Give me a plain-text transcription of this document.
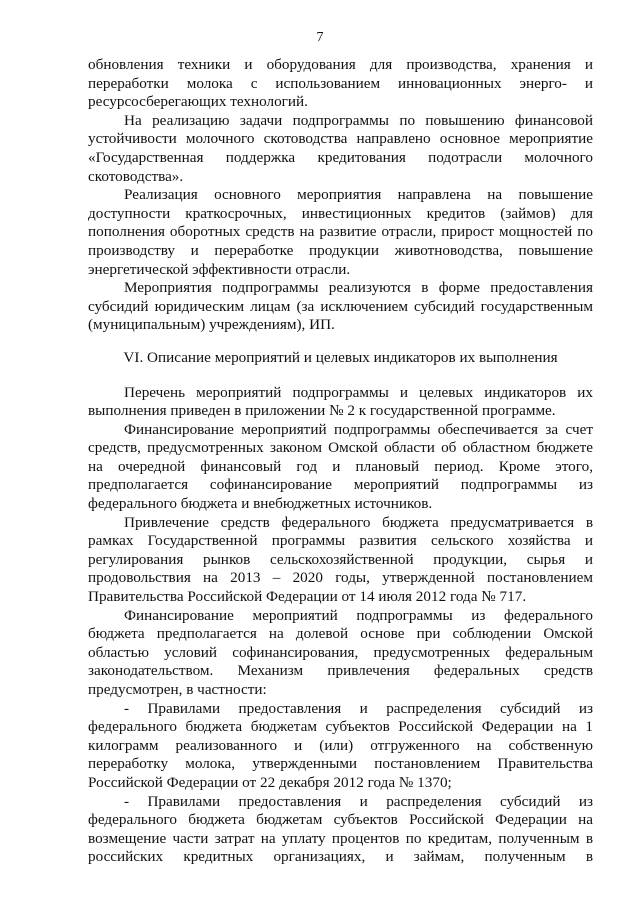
7

обновления техники и оборудования для производства, хранения и переработки молока с использованием инновационных энерго- и ресурсосберегающих технологий.

На реализацию задачи подпрограммы по повышению финансовой устойчивости молочного скотоводства направлено основное мероприятие «Государственная поддержка кредитования подотрасли молочного скотоводства».

Реализация основного мероприятия направлена на повышение доступности краткосрочных, инвестиционных кредитов (займов) для пополнения оборотных средств на развитие отрасли, прирост мощностей по производству и переработке продукции животноводства, повышение энергетической эффективности отрасли.

Мероприятия подпрограммы реализуются в форме предоставления субсидий юридическим лицам (за исключением субсидий государственным (муниципальным) учреждениям), ИП.

VI. Описание мероприятий и целевых индикаторов их выполнения

Перечень мероприятий подпрограммы и целевых индикаторов их выполнения приведен в приложении № 2 к государственной программе.

Финансирование мероприятий подпрограммы обеспечивается за счет средств, предусмотренных законом Омской области об областном бюджете на очередной финансовый год и плановый период. Кроме этого, предполагается софинансирование мероприятий подпрограммы из федерального бюджета и внебюджетных источников.

Привлечение средств федерального бюджета предусматривается в рамках Государственной программы развития сельского хозяйства и регулирования рынков сельскохозяйственной продукции, сырья и продовольствия на 2013 – 2020 годы, утвержденной постановлением Правительства Российской Федерации от 14 июля 2012 года № 717.

Финансирование мероприятий подпрограммы из федерального бюджета предполагается на долевой основе при соблюдении Омской областью условий софинансирования, предусмотренных федеральным законодательством. Механизм привлечения федеральных средств предусмотрен, в частности:

- Правилами предоставления и распределения субсидий из федерального бюджета бюджетам субъектов Российской Федерации на 1 килограмм реализованного и (или) отгруженного на собственную переработку молока, утвержденными постановлением Правительства Российской Федерации от 22 декабря 2012 года № 1370;

- Правилами предоставления и распределения субсидий из федерального бюджета бюджетам субъектов Российской Федерации на возмещение части затрат на уплату процентов по кредитам, полученным в российских кредитных организациях, и займам, полученным в
